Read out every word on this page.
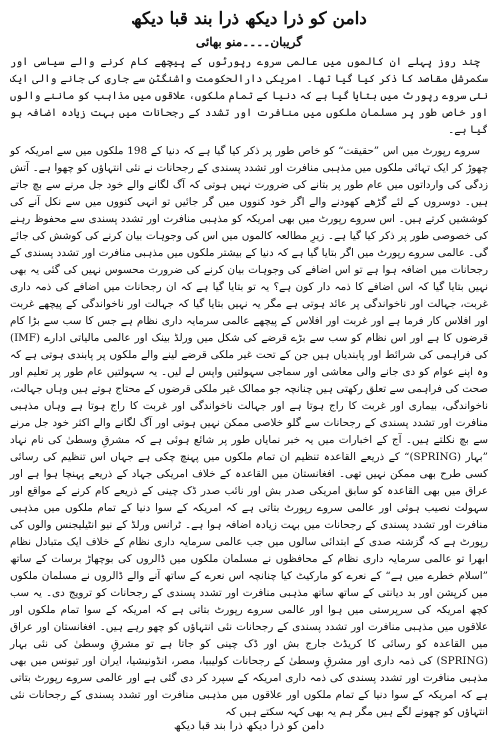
دامن کو ذرا دیکھ ذرا بند قبا دیکھ
گریبان۔۔۔۔منو بھائی

چند روز پہلے ان کالموں میں عالمی سروے رپورٹوں کے پیچھے کام کرنے والے سیاسی اور سکمرشل مقاصد کا ذکر کیا گیا تھا۔ امریکی دارالحکومت واشنگٹن سے جاری کی جانے والی ایک نئی سروے رپورٹ میں بتایا گیا ہے کہ دنیا کے تمام ملکوں، علاقوں میں مذاہب کو ماننے والوں اور خاص طور پر مسلمان ملکوں میں منافرت اور تشدد کے رجحانات میں بہت زیادہ اضافہ ہو گیا ہے۔

سروے رپورٹ میں اس ”حقیقت“ کو خاص طور پر ذکر کیا گیا ہے کہ دنیا کے 198 ملکوں میں سے امریکہ کو چھوڑ کر ایک تہائی ملکوں میں مذہبی منافرت اور تشدد پسندی کے رجحانات نے نئی انتہاؤں کو چھوا ہے۔ آتش زدگی کی وارداتوں میں عام طور پر بتانے کی ضرورت نہیں ہوتی کہ آگ لگانے والے خود جل مرنے سے بچ جاتے ہیں۔ دوسروں کے لئے گڑھے کھودنے والے اگر خود کنووں میں گر جائیں تو انہی کنووں میں سے نکل آنے کی کوششیں کرتے ہیں۔ اس سروے رپورٹ میں بھی امریکہ کو مذہبی منافرت اور تشدد پسندی سے محفوظ رہنے کی خصوصی طور پر ذکر کیا گیا ہے۔ زیرِ مطالعہ کالموں میں اس کی وجوہات بیان کرنے کی کوشش کی جائے گی۔ عالمی سروے رپورٹ میں اگر بتایا گیا ہے کہ دنیا کے بیشتر ملکوں میں مذہبی منافرت اور تشدد پسندی کے رجحانات میں اضافہ ہوا ہے تو اس اضافے کی وجوہات بیان کرنے کی ضرورت محسوس نہیں کی گئی یہ بھی نہیں بتایا گیا کہ اس اضافے کا ذمہ دار کون ہے؟ یہ تو بتایا گیا ہے کہ ان رجحانات میں اضافے کی ذمہ داری غربت، جہالت اور ناخواندگی پر عائد ہوتی ہے مگر یہ نہیں بتایا گیا کہ جہالت اور ناخواندگی کے پیچھے غربت اور افلاس کار فرما ہے اور غربت اور افلاس کے پیچھے عالمی سرمایہ داری نظام ہے جس کا سب سے بڑا کام قرضوں کا ہے اور اس نظام کو سب سے بڑے قرضے کی شکل میں ورلڈ بینک اور عالمی مالیاتی ادارے (IMF) کی فراہمی کی شرائط اور پابندیاں ہیں جن کے تحت غیر ملکی قرضے لینے والے ملکوں پر پابندی ہوتی ہے کہ وہ اپنے عوام کو دی جانے والی معاشی اور سماجی سہولتیں واپس لے لیں۔ یہ سہولتیں عام طور پر تعلیم اور صحت کی فراہمی سے تعلق رکھتی ہیں چنانچہ جو ممالک غیر ملکی قرضوں کے محتاج ہوتے ہیں وہاں جہالت، ناخواندگی، بیماری اور غربت کا راج ہوتا ہے اور جہالت ناخواندگی اور غربت کا راج ہوتا ہے وہاں مذہبی منافرت اور تشدد پسندی کے رجحانات سے گلو خلاصی ممکن نہیں ہوتی اور آگ لگانے والے اکثر خود جل مرنے سے بچ نکلتے ہیں۔ آج کے اخبارات میں یہ خبر نمایاں طور پر شائع ہوئی ہے کہ مشرقِ وسطیٰ کی نام نہاد ”بہار (SPRING)“ کے ذریعے القاعدہ تنظیم ان تمام ملکوں میں پہنچ چکی ہے جہاں اس تنظیم کی رسائی کسی طرح بھی ممکن نہیں تھی۔ افغانستان میں القاعدہ کے خلاف امریکی جہاد کے ذریعے پہنچا ہوا ہے اور عراق میں بھی القاعدہ کو سابق امریکی صدر بش اور نائب صدر ڈک چینی کے ذریعے کام کرنے کے مواقع اور سہولت نصیب ہوئی اور عالمی سروے رپورٹ بتاتی ہے کہ امریکہ کے سوا دنیا کے تمام ملکوں میں مذہبی منافرت اور تشدد پسندی کے رجحانات میں بہت زیادہ اضافہ ہوا ہے۔ ٹرانس ورلڈ کے نیو انٹیلیجنس والوں کی رپورٹ ہے کہ گزشتہ صدی کے ابتدائی سالوں میں جب عالمی سرمایہ داری نظام کے خلاف ایک متبادل نظام ابھرا تو عالمی سرمایہ داری نظام کے محافظوں نے مسلمان ملکوں میں ڈالروں کی بوچھاڑ برسات کے ساتھ ”اسلام خطرے میں ہے“ کے نعرے کو مارکیٹ کیا چنانچہ اس نعرے کے ساتھ آنے والے ڈالروں نے مسلمان ملکوں میں کرپشن اور بد دیانتی کے ساتھ ساتھ مذہبی منافرت اور تشدد پسندی کے رجحانات کو ترویج دی۔ یہ سب کچھ امریکہ کی سرپرستی میں ہوا اور عالمی سروے رپورٹ بتاتی ہے کہ امریکہ کے سوا تمام ملکوں اور علاقوں میں مذہبی منافرت اور تشدد پسندی کے رجحانات نئی انتہاؤں کو چھو رہے ہیں۔ افغانستان اور عراق میں القاعدہ کو رسائی کا کریڈٹ جارج بش اور ڈک چینی کو جاتا ہے تو مشرقِ وسطیٰ کی نئی بہار (SPRING) کی ذمہ داری اور مشرقِ وسطیٰ کے رجحانات کولیبیا، مصر، انڈونیشیا، ایران اور تیونس میں بھی مذہبی منافرت اور تشدد پسندی کی ذمہ داری امریکہ کے سپرد کر دی گئی ہے اور عالمی سروے رپورٹ بتاتی ہے کہ امریکہ کے سوا دنیا کے تمام ملکوں اور علاقوں میں مذہبی منافرت اور تشدد پسندی کے رجحانات نئی انتہاؤں کو چھونے لگے ہیں مگر ہم یہ بھی کہہ سکتے ہیں کہ

دامن کو ذرا دیکھ ذرا بند قبا دیکھ
